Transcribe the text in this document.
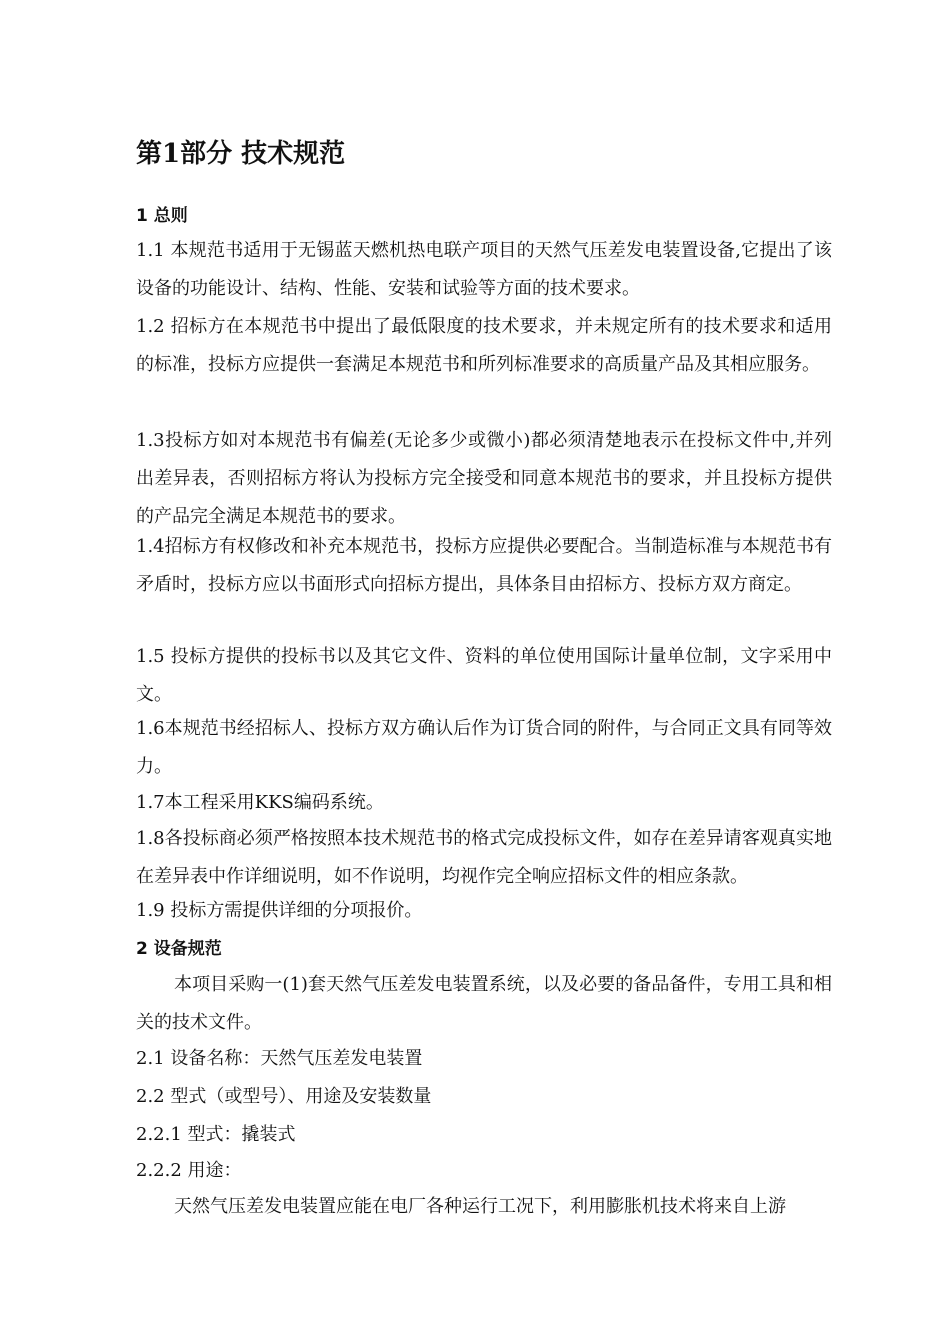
第1部分 技术规范
1 总则
1.1 本规范书适用于无锡蓝天燃机热电联产项目的天然气压差发电装置设备,它提出了该设备的功能设计、结构、性能、安装和试验等方面的技术要求。
1.2 招标方在本规范书中提出了最低限度的技术要求，并未规定所有的技术要求和适用的标准，投标方应提供一套满足本规范书和所列标准要求的高质量产品及其相应服务。
1.3投标方如对本规范书有偏差(无论多少或微小)都必须清楚地表示在投标文件中,并列出差异表，否则招标方将认为投标方完全接受和同意本规范书的要求，并且投标方提供的产品完全满足本规范书的要求。
1.4招标方有权修改和补充本规范书，投标方应提供必要配合。当制造标准与本规范书有矛盾时，投标方应以书面形式向招标方提出，具体条目由招标方、投标方双方商定。
1.5 投标方提供的投标书以及其它文件、资料的单位使用国际计量单位制，文字采用中文。
1.6本规范书经招标人、投标方双方确认后作为订货合同的附件，与合同正文具有同等效力。
1.7本工程采用KKS编码系统。
1.8各投标商必须严格按照本技术规范书的格式完成投标文件，如存在差异请客观真实地在差异表中作详细说明，如不作说明，均视作完全响应招标文件的相应条款。
1.9 投标方需提供详细的分项报价。
2 设备规范
本项目采购一(1)套天然气压差发电装置系统，以及必要的备品备件，专用工具和相关的技术文件。
2.1 设备名称：天然气压差发电装置
2.2 型式（或型号）、用途及安装数量
2.2.1 型式：撬装式
2.2.2 用途：
天然气压差发电装置应能在电厂各种运行工况下，利用膨胀机技术将来自上游
